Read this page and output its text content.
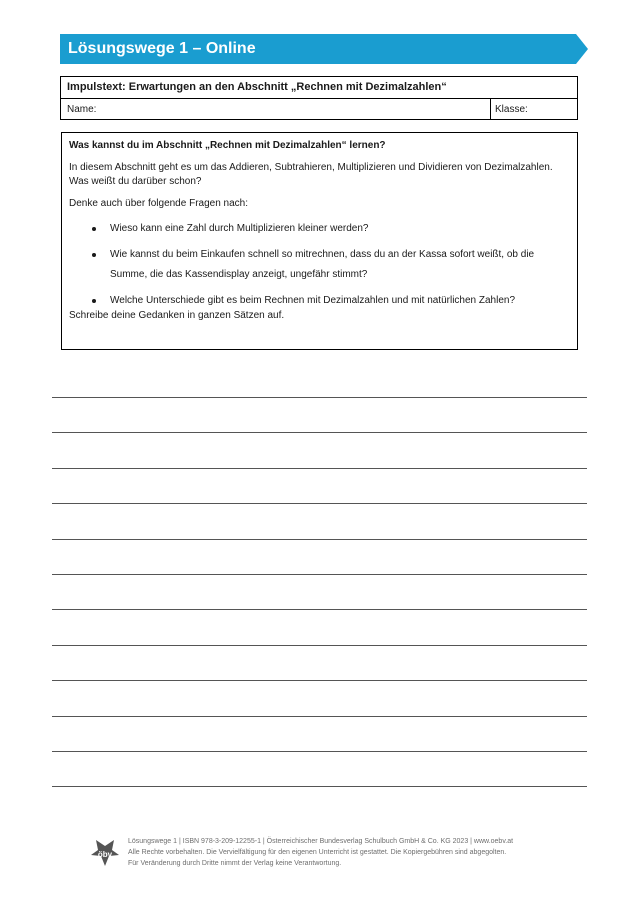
Lösungswege 1 – Online
Impulstext: Erwartungen an den Abschnitt „Rechnen mit Dezimalzahlen“
Name:	Klasse:
Was kannst du im Abschnitt „Rechnen mit Dezimalzahlen“ lernen?
In diesem Abschnitt geht es um das Addieren, Subtrahieren, Multiplizieren und Dividieren von Dezimalzahlen. Was weißt du darüber schon?
Denke auch über folgende Fragen nach:
Wieso kann eine Zahl durch Multiplizieren kleiner werden?
Wie kannst du beim Einkaufen schnell so mitrechnen, dass du an der Kassa sofort weißt, ob die Summe, die das Kassendisplay anzeigt, ungefähr stimmt?
Welche Unterschiede gibt es beim Rechnen mit Dezimalzahlen und mit natürlichen Zahlen?
Schreibe deine Gedanken in ganzen Sätzen auf.
öbv
Lösungswege 1 | ISBN 978-3-209-12255-1 | Österreichischer Bundesverlag Schulbuch GmbH & Co. KG 2023 | www.oebv.at
Alle Rechte vorbehalten. Die Vervielfältigung für den eigenen Unterricht ist gestattet. Die Kopiergebühren sind abgegolten.
Für Veränderung durch Dritte nimmt der Verlag keine Verantwortung.
